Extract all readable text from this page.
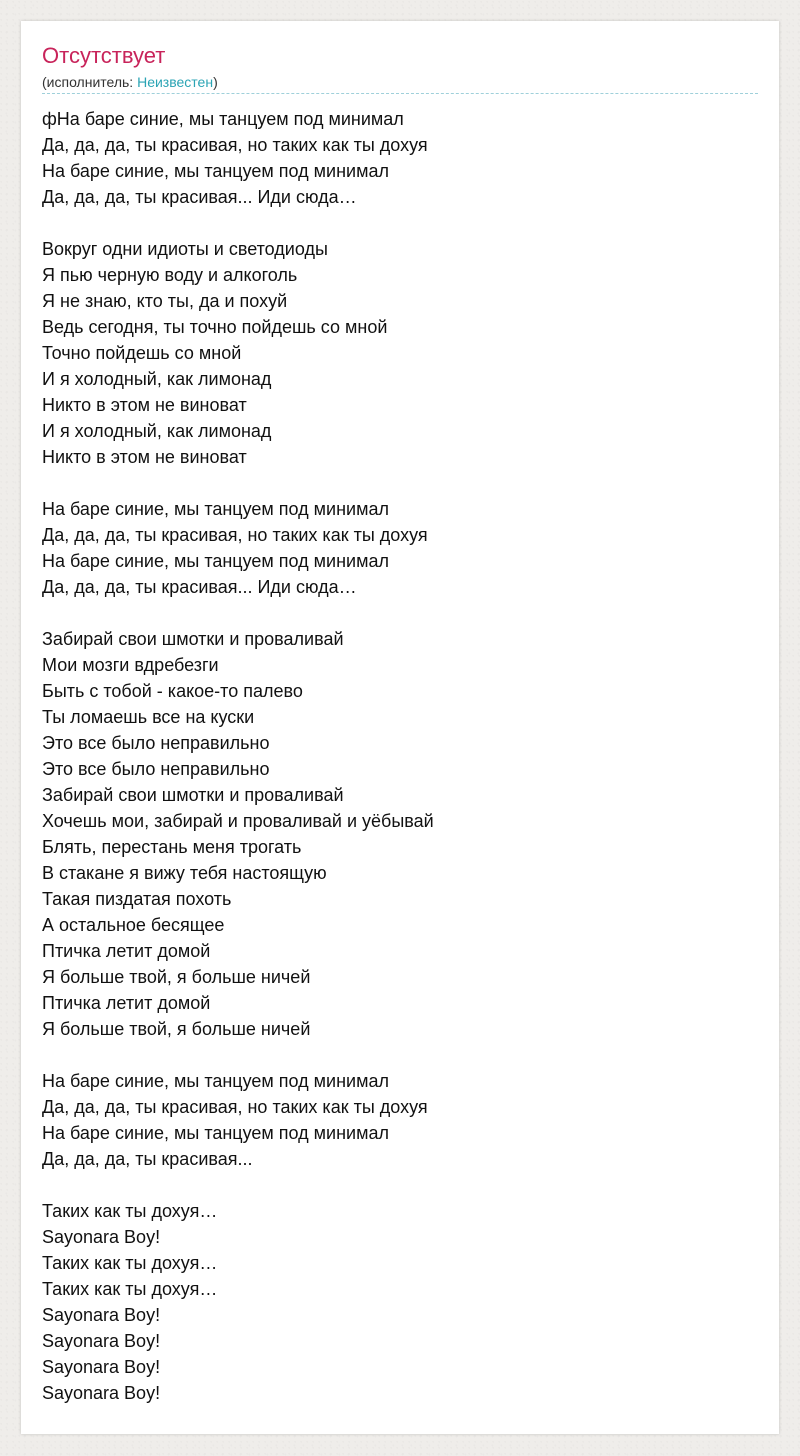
Отсутствует
(исполнитель: Неизвестен)
фНа баре синие, мы танцуем под минимал
Да, да, да, ты красивая, но таких как ты дохуя
На баре синие, мы танцуем под минимал
Да, да, да, ты красивая... Иди сюда…
Вокруг одни идиоты и светодиоды
Я пью черную воду и алкоголь
Я не знаю, кто ты, да и похуй
Ведь сегодня, ты точно пойдешь со мной
Точно пойдешь со мной
И я холодный, как лимонад
Никто в этом не виноват
И я холодный, как лимонад
Никто в этом не виноват
На баре синие, мы танцуем под минимал
Да, да, да, ты красивая, но таких как ты дохуя
На баре синие, мы танцуем под минимал
Да, да, да, ты красивая... Иди сюда…
Забирай свои шмотки и проваливай
Мои мозги вдребезги
Быть с тобой - какое-то палево
Ты ломаешь все на куски
Это все было неправильно
Это все было неправильно
Забирай свои шмотки и проваливай
Хочешь мои, забирай и проваливай и уёбывай
Блять, перестань меня трогать
В стакане я вижу тебя настоящую
Такая пиздатая похоть
А остальное бесящее
Птичка летит домой
Я больше твой, я больше ничей
Птичка летит домой
Я больше твой, я больше ничей
На баре синие, мы танцуем под минимал
Да, да, да, ты красивая, но таких как ты дохуя
На баре синие, мы танцуем под минимал
Да, да, да, ты красивая...
Таких как ты дохуя…
Sayonara Boy!
Таких как ты дохуя…
Таких как ты дохуя…
Sayonara Boy!
Sayonara Boy!
Sayonara Boy!
Sayonara Boy!
